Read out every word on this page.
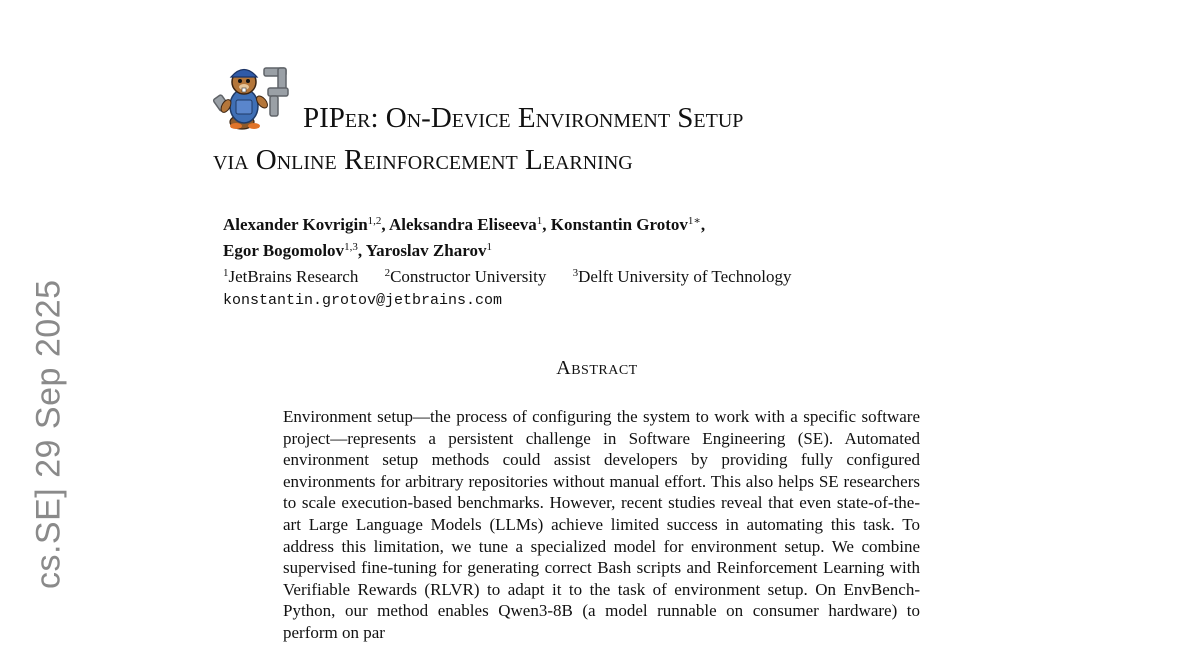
cs.SE] 29 Sep 2025
PIPer: On-Device Environment Setup
via Online Reinforcement Learning
Alexander Kovrigin$^{1,2}$, Aleksandra Eliseeva$^1$, Konstantin Grotov$^{1∗}$,
Egor Bogomolov$^{1,3}$, Yaroslav Zharov$^1$
$^1$JetBrains Research $^2$Constructor University $^3$Delft University of Technology
konstantin.grotov@jetbrains.com
Abstract

Environment setup—the process of configuring the system to work with a specific software project—represents a persistent challenge in Software Engineering (SE). Automated environment setup methods could assist developers by providing fully configured environments for arbitrary repositories without manual effort. This also helps SE researchers to scale execution-based benchmarks. However, recent studies reveal that even state-of-the-art Large Language Models (LLMs) achieve limited success in automating this task. To address this limitation, we tune a specialized model for environment setup. We combine supervised fine-tuning for generating correct Bash scripts and Reinforcement Learning with Verifiable Rewards (RLVR) to adapt it to the task of environment setup. On EnvBench-Python, our method enables Qwen3-8B (a model runnable on consumer hardware) to perform on par
